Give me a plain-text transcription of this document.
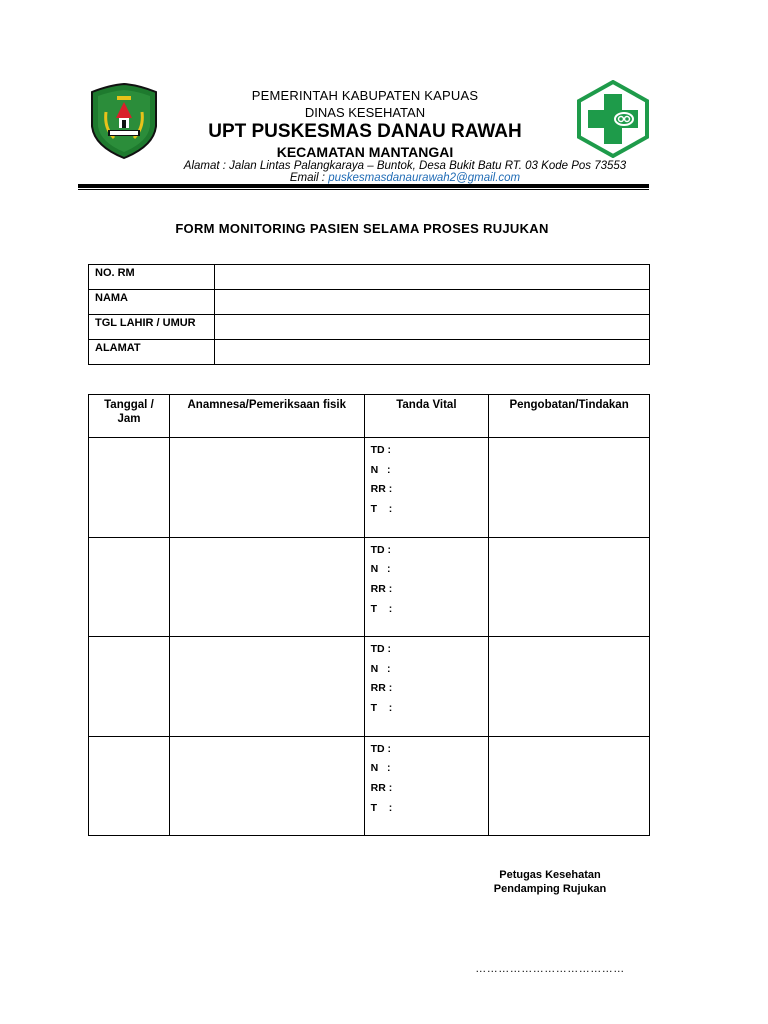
PEMERINTAH KABUPATEN KAPUAS
DINAS KESEHATAN
UPT PUSKESMAS DANAU RAWAH
KECAMATAN MANTANGAI
Alamat : Jalan Lintas Palangkaraya – Buntok, Desa Bukit Batu RT. 03 Kode Pos 73553
Email : puskesmasdanaurawah2@gmail.com
FORM MONITORING PASIEN SELAMA PROSES RUJUKAN
NO. RM	
NAMA	
TGL LAHIR / UMUR	
ALAMAT	
Tanggal / Jam	Anamnesa/Pemeriksaan fisik	Tanda Vital	Pengobatan/Tindakan

		TD :
N   :
RR :
T    :	

		TD :
N   :
RR :
T    :	

		TD :
N   :
RR :
T    :	

		TD :
N   :
RR :
T    :	

Petugas Kesehatan
Pendamping Rujukan
…………………………………
